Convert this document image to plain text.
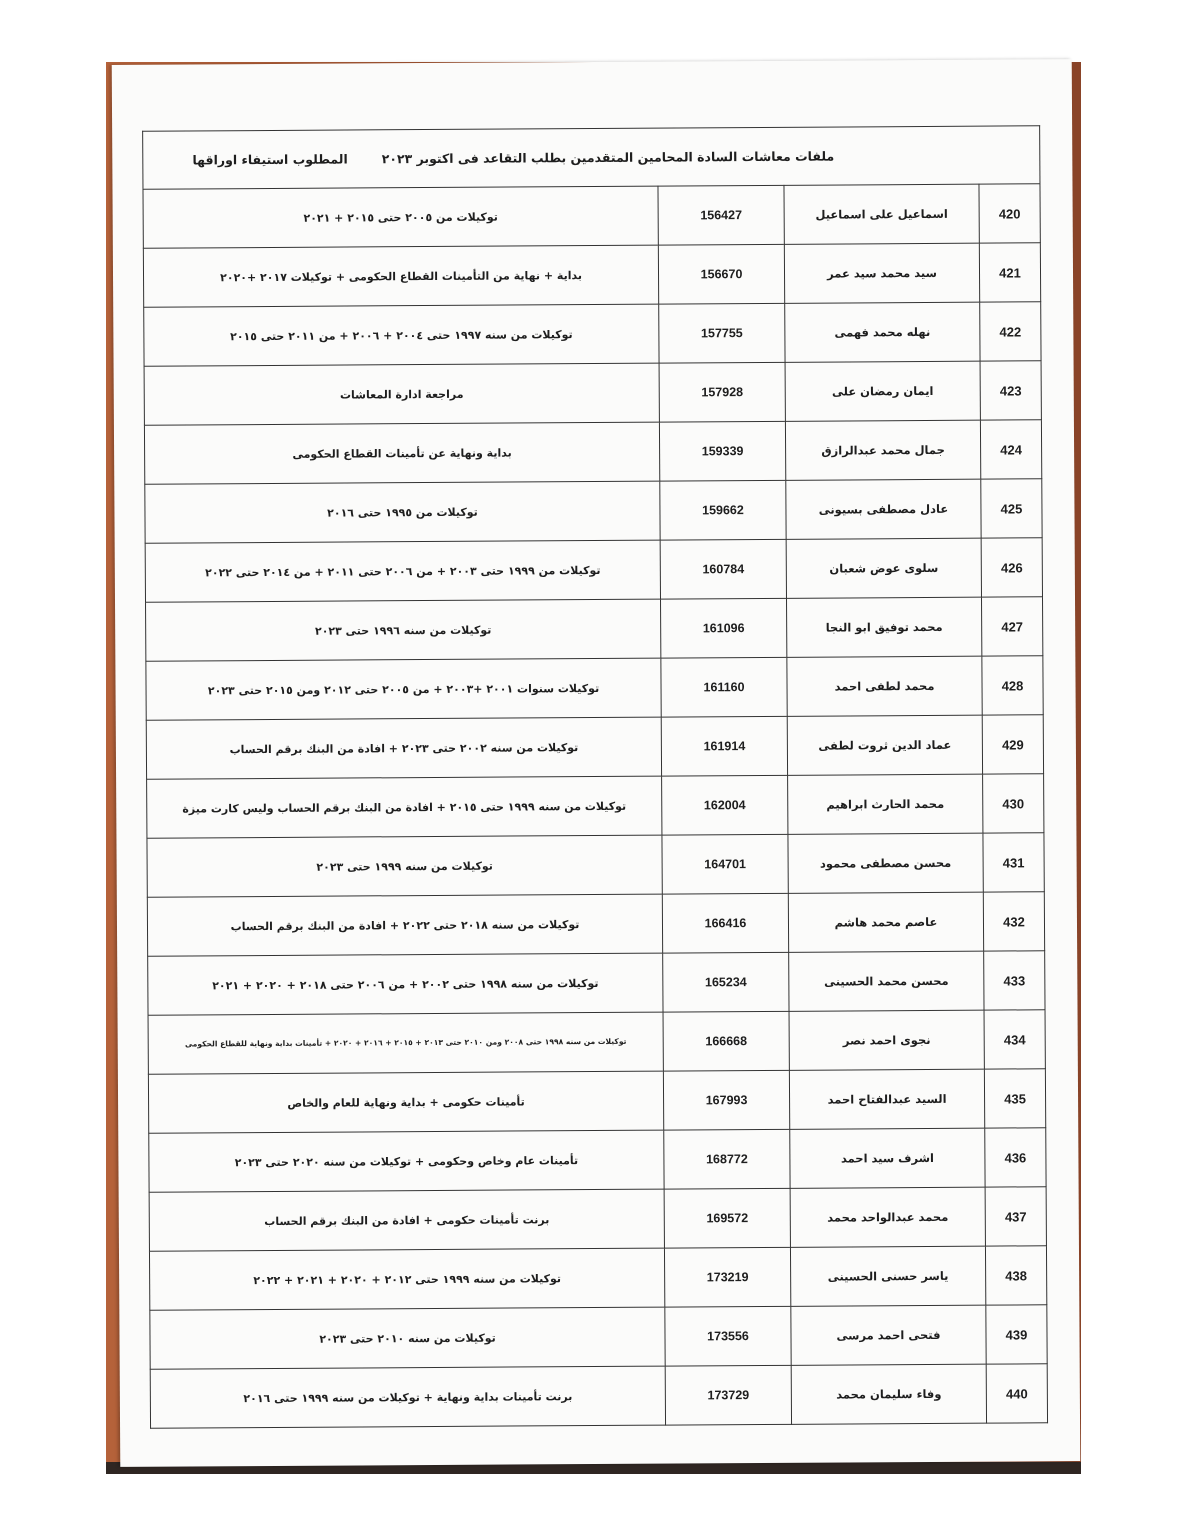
ملفات معاشات السادة المحامين المتقدمين بطلب التقاعد فى اكتوبر ٢٠٢٣
المطلوب استيفاء اوراقها
420	اسماعيل على اسماعيل	156427	توكيلات من ٢٠٠٥ حتى ٢٠١٥ + ٢٠٢١
421	سيد محمد سيد عمر	156670	بداية + نهاية من التأمينات القطاع الحكومى + توكيلات ٢٠١٧ +٢٠٢٠
422	نهله محمد فهمى	157755	توكيلات من سنه ١٩٩٧ حتى ٢٠٠٤ + ٢٠٠٦ + من ٢٠١١ حتى ٢٠١٥
423	ايمان رمضان على	157928	مراجعة ادارة المعاشات
424	جمال محمد عبدالرازق	159339	بداية ونهاية عن تأمينات القطاع الحكومى
425	عادل مصطفى بسيونى	159662	توكيلات من ١٩٩٥ حتى ٢٠١٦
426	سلوى عوض شعبان	160784	توكيلات من ١٩٩٩ حتى ٢٠٠٣ + من ٢٠٠٦ حتى ٢٠١١ + من ٢٠١٤ حتى ٢٠٢٢
427	محمد توفيق ابو النجا	161096	توكيلات من سنه ١٩٩٦ حتى ٢٠٢٣
428	محمد لطفى احمد	161160	توكيلات سنوات ٢٠٠١ +٢٠٠٣ + من ٢٠٠٥ حتى ٢٠١٢ ومن ٢٠١٥ حتى ٢٠٢٣
429	عماد الدين ثروت لطفى	161914	توكيلات من سنه ٢٠٠٢ حتى ٢٠٢٣ + افادة من البنك برقم الحساب
430	محمد الحارث ابراهيم	162004	توكيلات من سنه ١٩٩٩ حتى ٢٠١٥ + افادة من البنك برقم الحساب وليس كارت ميزة
431	محسن مصطفى محمود	164701	توكيلات من سنه ١٩٩٩ حتى ٢٠٢٣
432	عاصم محمد هاشم	166416	توكيلات من سنه ٢٠١٨ حتى ٢٠٢٢ + افادة من البنك برقم الحساب
433	محسن محمد الحسينى	165234	توكيلات من سنه ١٩٩٨ حتى ٢٠٠٢ + من ٢٠٠٦ حتى ٢٠١٨ + ٢٠٢٠ + ٢٠٢١
434	نجوى احمد نصر	166668	توكيلات من سنه ١٩٩٨ حتى ٢٠٠٨ ومن ٢٠١٠ حتى ٢٠١٣ + ٢٠١٥ + ٢٠١٦ + ٢٠٢٠ + تأمينات بداية ونهاية للقطاع الحكومى
435	السيد عبدالفتاح احمد	167993	تأمينات حكومى + بداية ونهاية للعام والخاص
436	اشرف سيد احمد	168772	تأمينات عام وخاص وحكومى + توكيلات من سنه ٢٠٢٠ حتى ٢٠٢٣
437	محمد عبدالواحد محمد	169572	برنت تأمينات حكومى + افادة من البنك برقم الحساب
438	ياسر حسنى الحسينى	173219	توكيلات من سنه ١٩٩٩ حتى ٢٠١٢ + ٢٠٢٠ + ٢٠٢١ + ٢٠٢٢
439	فتحى احمد مرسى	173556	توكيلات من سنه ٢٠١٠ حتى ٢٠٢٣
440	وفاء سليمان محمد	173729	برنت تأمينات بداية ونهاية + توكيلات من سنه ١٩٩٩ حتى ٢٠١٦
